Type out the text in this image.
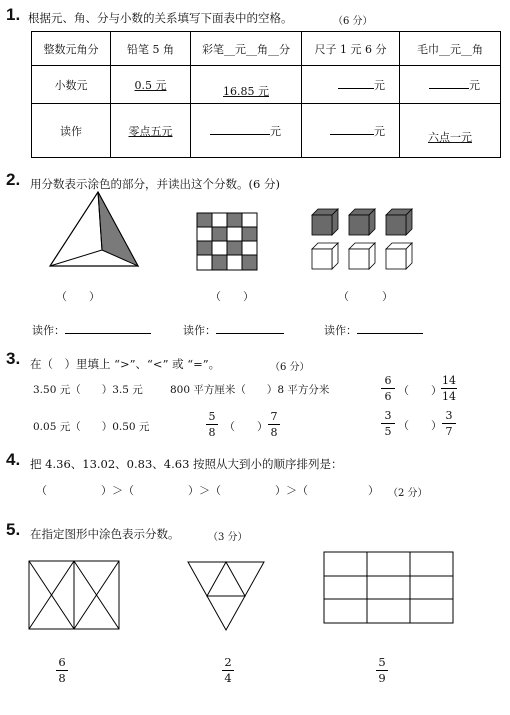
1. 根据元、角、分与小数的关系填写下面表中的空格。	（6 分）
整数元角分	铅笔 5 角	彩笔__元__角__分	尺子 1 元 6 分	毛巾__元__角
小数元	0.5 元	16.85 元	元	元
读作	零点五元	元	元	六点一元
2. 用分数表示涂色的部分，并读出这个分数。(6 分)
（　　）	（　　）	（　　　）
读作：	读作：	读作：
3. 在（　）里填上 “>”、“<” 或 “=”。	（6 分）
3.50 元（　　）3.5 元	800 平方厘米（　　）8 平方分米
6
6 （　　）
14
14
0.05 元（　　）0.50 元
5
8 （　　）
7
8
3
5 （　　）
3
7
4. 把 4.36、13.02、0.83、4.63 按照从大到小的顺序排列是：
（	）＞（	）＞（	）＞（	） （2 分）
5. 在指定图形中涂色表示分数。	（3 分）
6
8
2
4
5
9
